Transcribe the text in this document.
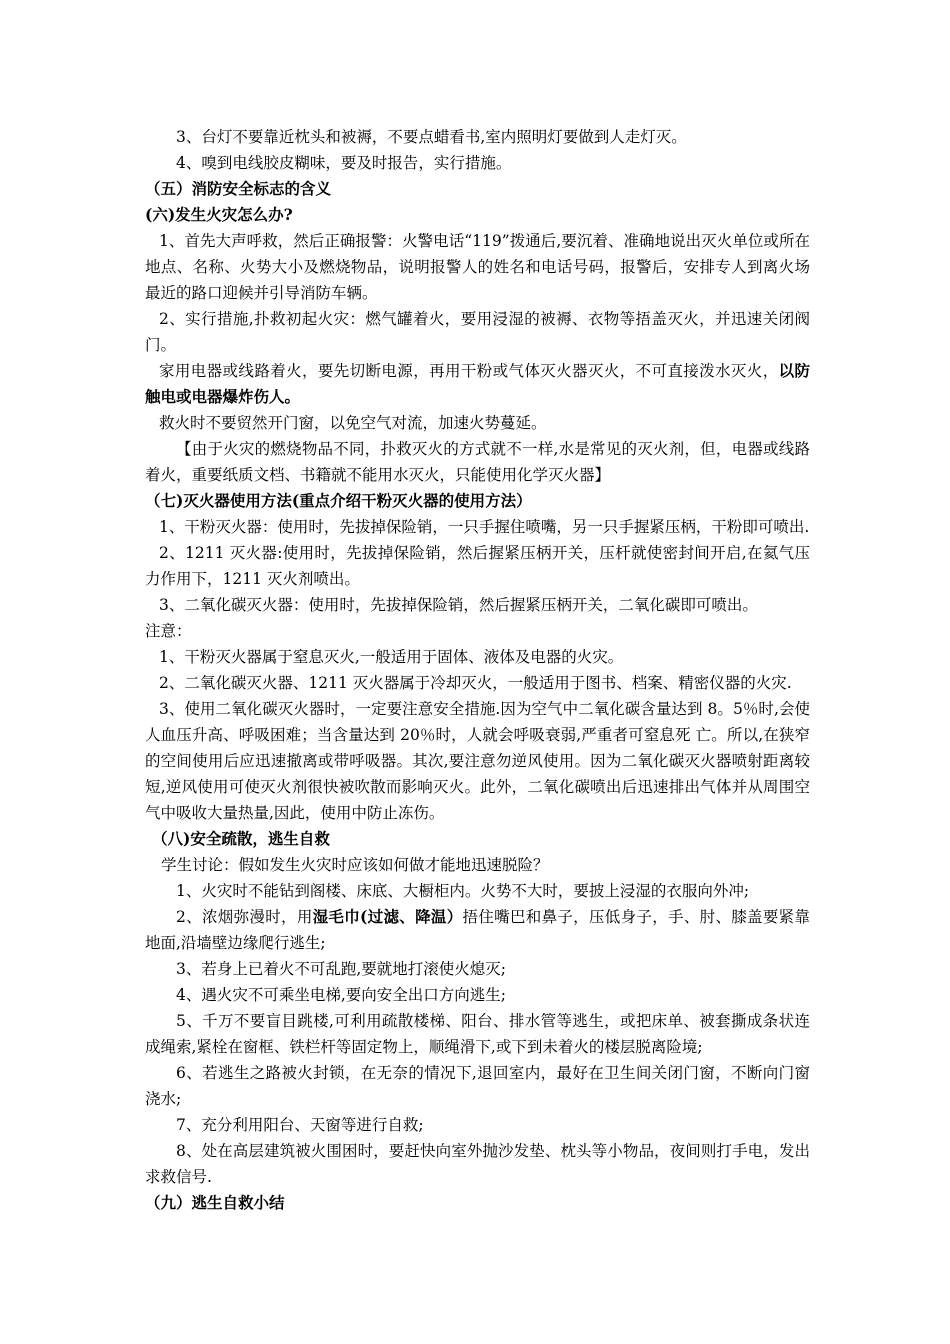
3、台灯不要靠近枕头和被褥，不要点蜡看书,室内照明灯要做到人走灯灭。

4、嗅到电线胶皮糊味，要及时报告，实行措施。

（五）消防安全标志的含义

(六)发生火灾怎么办?

1、首先大声呼救，然后正确报警：火警电话“119”拨通后,要沉着、准确地说出灭火单位或所在地点、名称、火势大小及燃烧物品，说明报警人的姓名和电话号码，报警后，安排专人到离火场最近的路口迎候并引导消防车辆。

2、实行措施,扑救初起火灾：燃气罐着火，要用浸湿的被褥、衣物等捂盖灭火，并迅速关闭阀门。

家用电器或线路着火，要先切断电源，再用干粉或气体灭火器灭火，不可直接泼水灭火，以防触电或电器爆炸伤人。

救火时不要贸然开门窗，以免空气对流，加速火势蔓延。

【由于火灾的燃烧物品不同，扑救灭火的方式就不一样,水是常见的灭火剂，但，电器或线路着火，重要纸质文档、书籍就不能用水灭火，只能使用化学灭火器】

（七)灭火器使用方法(重点介绍干粉灭火器的使用方法）

1、干粉灭火器：使用时，先拔掉保险销，一只手握住喷嘴，另一只手握紧压柄，干粉即可喷出.

2、1211 灭火器:使用时，先拔掉保险销，然后握紧压柄开关，压杆就使密封间开启,在氦气压力作用下，1211 灭火剂喷出。

3、二氧化碳灭火器：使用时，先拔掉保险销，然后握紧压柄开关，二氧化碳即可喷出。

注意：

1、干粉灭火器属于窒息灭火,一般适用于固体、液体及电器的火灾。

2、二氧化碳灭火器、1211 灭火器属于冷却灭火，一般适用于图书、档案、精密仪器的火灾.

3、使用二氧化碳灭火器时，一定要注意安全措施.因为空气中二氧化碳含量达到 8。5％时,会使人血压升高、呼吸困难；当含量达到 20％时，人就会呼吸衰弱,严重者可窒息死 亡。所以,在狭窄的空间使用后应迅速撤离或带呼吸器。其次,要注意勿逆风使用。因为二氧化碳灭火器喷射距离较短,逆风使用可使灭火剂很快被吹散而影响灭火。此外，二氧化碳喷出后迅速排出气体并从周围空气中吸收大量热量,因此，使用中防止冻伤。

（八)安全疏散，逃生自救

学生讨论：假如发生火灾时应该如何做才能地迅速脱险？

1、火灾时不能钻到阁楼、床底、大橱柜内。火势不大时，要披上浸湿的衣服向外冲;

2、浓烟弥漫时，用湿毛巾(过滤、降温）捂住嘴巴和鼻子，压低身子，手、肘、膝盖要紧靠地面,沿墙壁边缘爬行逃生;

3、若身上已着火不可乱跑,要就地打滚使火熄灭;

4、遇火灾不可乘坐电梯,要向安全出口方向逃生;

5、千万不要盲目跳楼,可利用疏散楼梯、阳台、排水管等逃生，或把床单、被套撕成条状连成绳索,紧栓在窗框、铁栏杆等固定物上，顺绳滑下,或下到未着火的楼层脱离险境;

6、若逃生之路被火封锁，在无奈的情况下,退回室内，最好在卫生间关闭门窗，不断向门窗浇水;

7、充分利用阳台、天窗等进行自救;

8、处在高层建筑被火围困时，要赶快向室外抛沙发垫、枕头等小物品，夜间则打手电，发出求救信号.

（九）逃生自救小结
